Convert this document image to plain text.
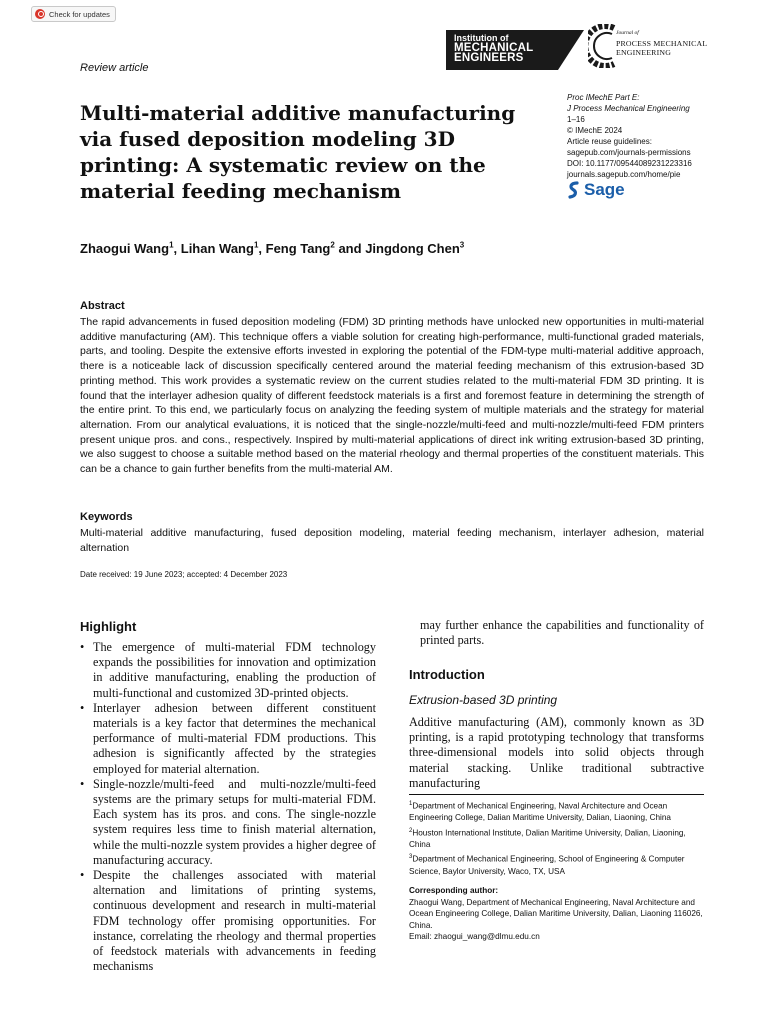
Check for updates
Review article
Institution of
MECHANICAL
ENGINEERS
Journal of
PROCESS MECHANICAL
ENGINEERING
Multi-material additive manufacturing via fused deposition modeling 3D printing: A systematic review on the material feeding mechanism
Proc IMechE Part E:
J Process Mechanical Engineering
1–16
© IMechE 2024
Article reuse guidelines:
sagepub.com/journals-permissions
DOI: 10.1177/09544089231223316
journals.sagepub.com/home/pie
Sage
Zhaogui Wang$^1$, Lihan Wang$^1$, Feng Tang$^2$ and Jingdong Chen$^3$
Abstract

The rapid advancements in fused deposition modeling (FDM) 3D printing methods have unlocked new opportunities in multi-material additive manufacturing (AM). This technique offers a viable solution for creating high-performance, multi-functional graded materials, parts, and tooling. Despite the extensive efforts invested in exploring the potential of the FDM-type multi-material additive approach, there is a noticeable lack of discussion specifically centered around the material feeding mechanism of this extrusion-based 3D printing method. This work provides a systematic review on the current studies related to the multi-material FDM 3D printing. It is found that the interlayer adhesion quality of different feedstock materials is a first and foremost feature in determining the strength of the entire print. To this end, we particularly focus on analyzing the feeding system of multiple materials and the strategy for material alternation. From our analytical evaluations, it is noticed that the single-nozzle/multi-feed and multi-nozzle/multi-feed FDM printers present unique pros. and cons., respectively. Inspired by multi-material applications of direct ink writing extrusion-based 3D printing, we also suggest to choose a suitable method based on the material rheology and thermal properties of the constituent materials. This can be a chance to gain further benefits from the multi-material AM.

Keywords

Multi-material additive manufacturing, fused deposition modeling, material feeding mechanism, interlayer adhesion, material alternation

Date received: 19 June 2023; accepted: 4 December 2023
Highlight
• The emergence of multi-material FDM technology expands the possibilities for innovation and optimization in additive manufacturing, enabling the production of multi-functional and customized 3D-printed objects.
• Interlayer adhesion between different constituent materials is a key factor that determines the mechanical performance of multi-material FDM productions. This adhesion is significantly affected by the strategies employed for material alternation.
• Single-nozzle/multi-feed and multi-nozzle/multi-feed systems are the primary setups for multi-material FDM. Each system has its pros. and cons. The single-nozzle system requires less time to finish material alternation, while the multi-nozzle system provides a higher degree of manufacturing accuracy.
• Despite the challenges associated with material alternation and limitations of printing systems, continuous development and research in multi-material FDM technology offer promising opportunities. For instance, correlating the rheology and thermal properties of feedstock materials with advancements in feeding mechanisms

may further enhance the capabilities and functionality of printed parts.

Introduction
Extrusion-based 3D printing

Additive manufacturing (AM), commonly known as 3D printing, is a rapid prototyping technology that transforms three-dimensional models into solid objects through material stacking. Unlike traditional subtractive manufacturing

$^1$Department of Mechanical Engineering, Naval Architecture and Ocean Engineering College, Dalian Maritime University, Dalian, Liaoning, China
$^2$Houston International Institute, Dalian Maritime University, Dalian, Liaoning, China
$^3$Department of Mechanical Engineering, School of Engineering & Computer Science, Baylor University, Waco, TX, USA
Corresponding author:
Zhaogui Wang, Department of Mechanical Engineering, Naval Architecture and Ocean Engineering College, Dalian Maritime University, Dalian, Liaoning 116026, China.
Email: zhaogui_wang@dlmu.edu.cn
